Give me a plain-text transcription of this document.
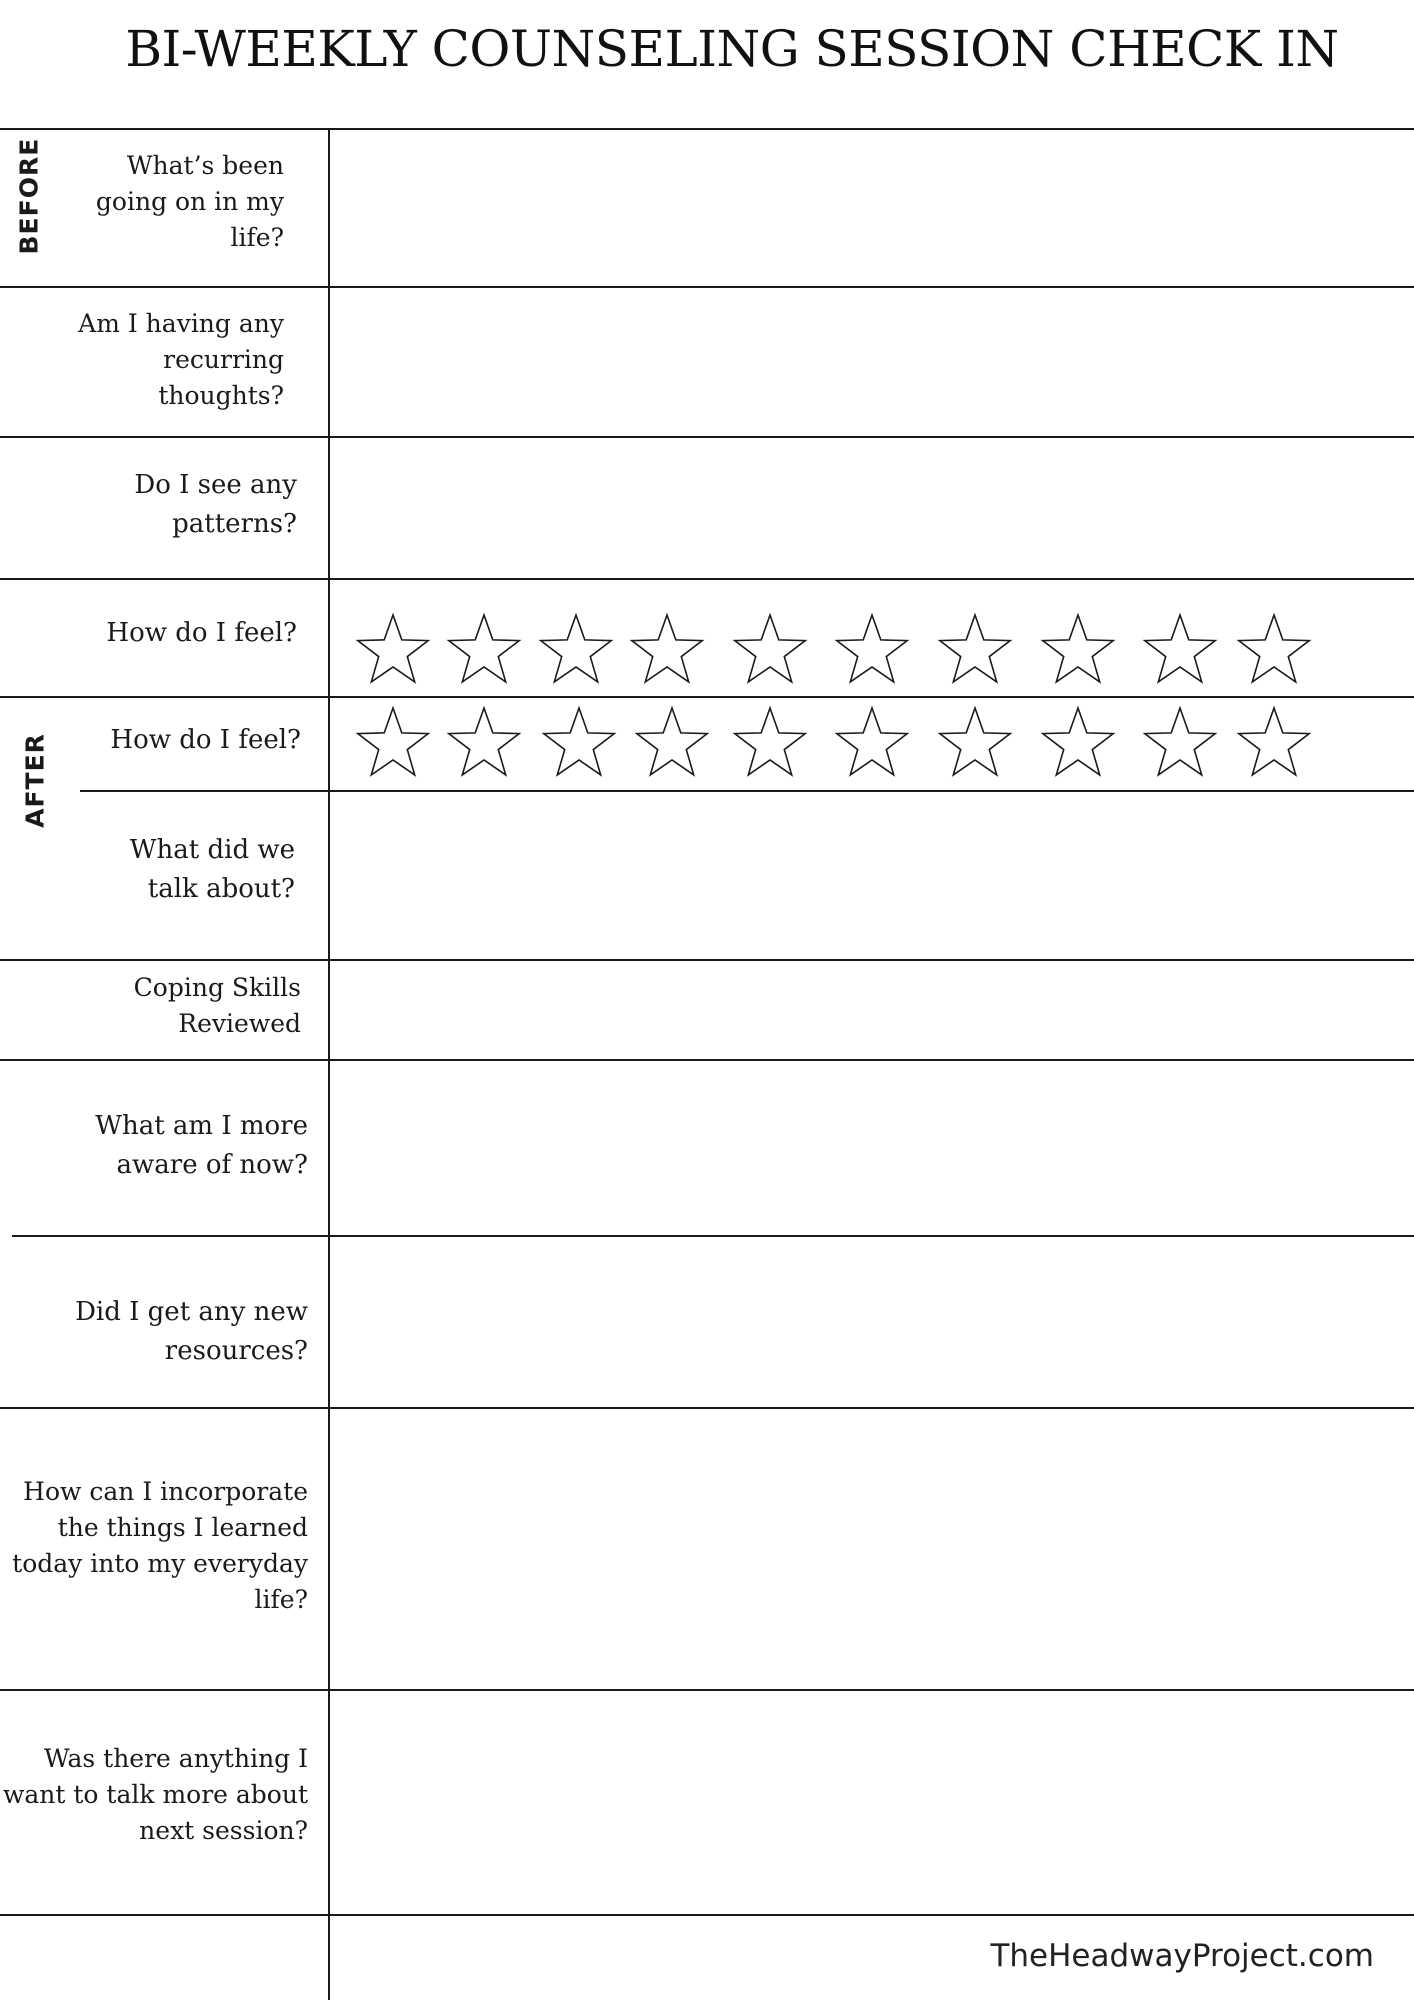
BI-WEEKLY COUNSELING SESSION CHECK IN
BEFORE
AFTER
What’s been
going on in my
life?
Am I having any
recurring
thoughts?
Do I see any
patterns?
How do I feel?
How do I feel?
What did we
talk about?
Coping Skills
Reviewed
What am I more
aware of now?
Did I get any new
resources?
How can I incorporate
the things I learned
today into my everyday
life?
Was there anything I
want to talk more about
next session?
TheHeadwayProject.com
